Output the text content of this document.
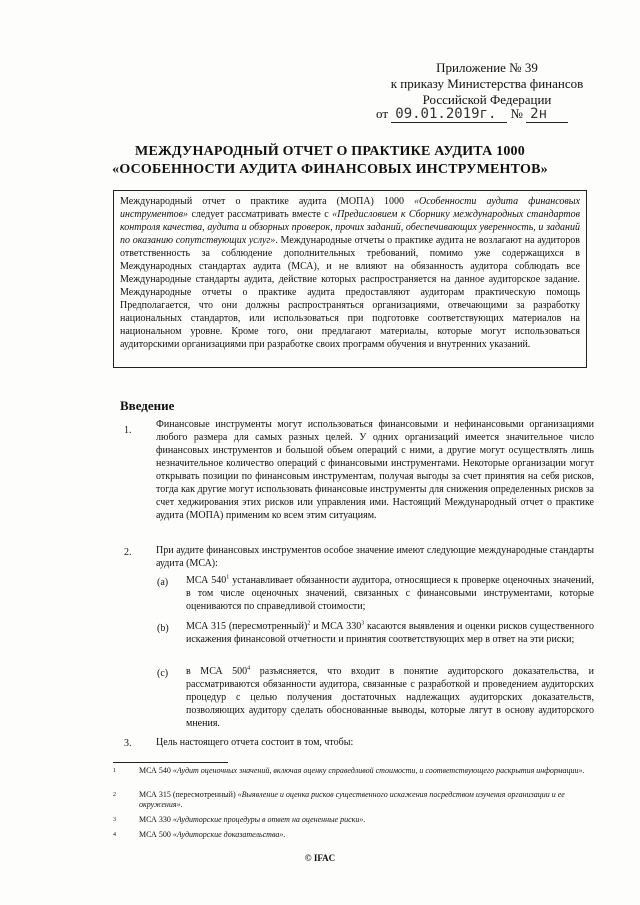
Приложение № 39
к приказу Министерства финансов
Российской Федерации
от 09.01.2019г. № 2н
МЕЖДУНАРОДНЫЙ ОТЧЕТ О ПРАКТИКЕ АУДИТА 1000
«ОСОБЕННОСТИ АУДИТА ФИНАНСОВЫХ ИНСТРУМЕНТОВ»
Международный отчет о практике аудита (МОПА) 1000 «Особенности аудита финансовых инструментов» следует рассматривать вместе с «Предисловием к Сборнику международных стандартов контроля качества, аудита и обзорных проверок, прочих заданий, обеспечивающих уверенность, и заданий по оказанию сопутствующих услуг». Международные отчеты о практике аудита не возлагают на аудиторов ответственность за соблюдение дополнительных требований, помимо уже содержащихся в Международных стандартах аудита (МСА), и не влияют на обязанность аудитора соблюдать все Международные стандарты аудита, действие которых распространяется на данное аудиторское задание. Международные отчеты о практике аудита предоставляют аудиторам практическую помощь Предполагается, что они должны распространяться организациями, отвечающими за разработку национальных стандартов, или использоваться при подготовке соответствующих материалов на национальном уровне. Кроме того, они предлагают материалы, которые могут использоваться аудиторскими организациями при разработке своих программ обучения и внутренних указаний.
Введение
1.
Финансовые инструменты могут использоваться финансовыми и нефинансовыми организациями любого размера для самых разных целей. У одних организаций имеется значительное число финансовых инструментов и большой объем операций с ними, а другие могут осуществлять лишь незначительное количество операций с финансовыми инструментами. Некоторые организации могут открывать позиции по финансовым инструментам, получая выгоды за счет принятия на себя рисков, тогда как другие могут использовать финансовые инструменты для снижения определенных рисков за счет хеджирования этих рисков или управления ими. Настоящий Международный отчет о практике аудита (МОПА) применим ко всем этим ситуациям.
2. При аудите финансовых инструментов особое значение имеют следующие международные стандарты аудита (МСА):
(a) МСА $540^1$ устанавливает обязанности аудитора, относящиеся к проверке оценочных значений, в том числе оценочных значений, связанных с финансовыми инструментами, которые оцениваются по справедливой стоимости;
(b) МСА 315 (пересмотренный)$^2$ и МСА $330^3$ касаются выявления и оценки рисков существенного искажения финансовой отчетности и принятия соответствующих мер в ответ на эти риски;
(c) в МСА $500^4$ разъясняется, что входит в понятие аудиторского доказательства, и рассматриваются обязанности аудитора, связанные с разработкой и проведением аудиторских процедур с целью получения достаточных надлежащих аудиторских доказательств, позволяющих аудитору сделать обоснованные выводы, которые лягут в основу аудиторского мнения.
3. Цель настоящего отчета состоит в том, чтобы:
1	МСА 540 «Аудит оценочных значений, включая оценку справедливой стоимости, и соответствующего раскрытия информации».
2	МСА 315 (пересмотренный) «Выявление и оценка рисков существенного искажения посредством изучения организации и ее окружения».
3	МСА 330 «Аудиторские процедуры в ответ на оцененные риски».
4	МСА 500 «Аудиторские доказательства».
© IFAC
